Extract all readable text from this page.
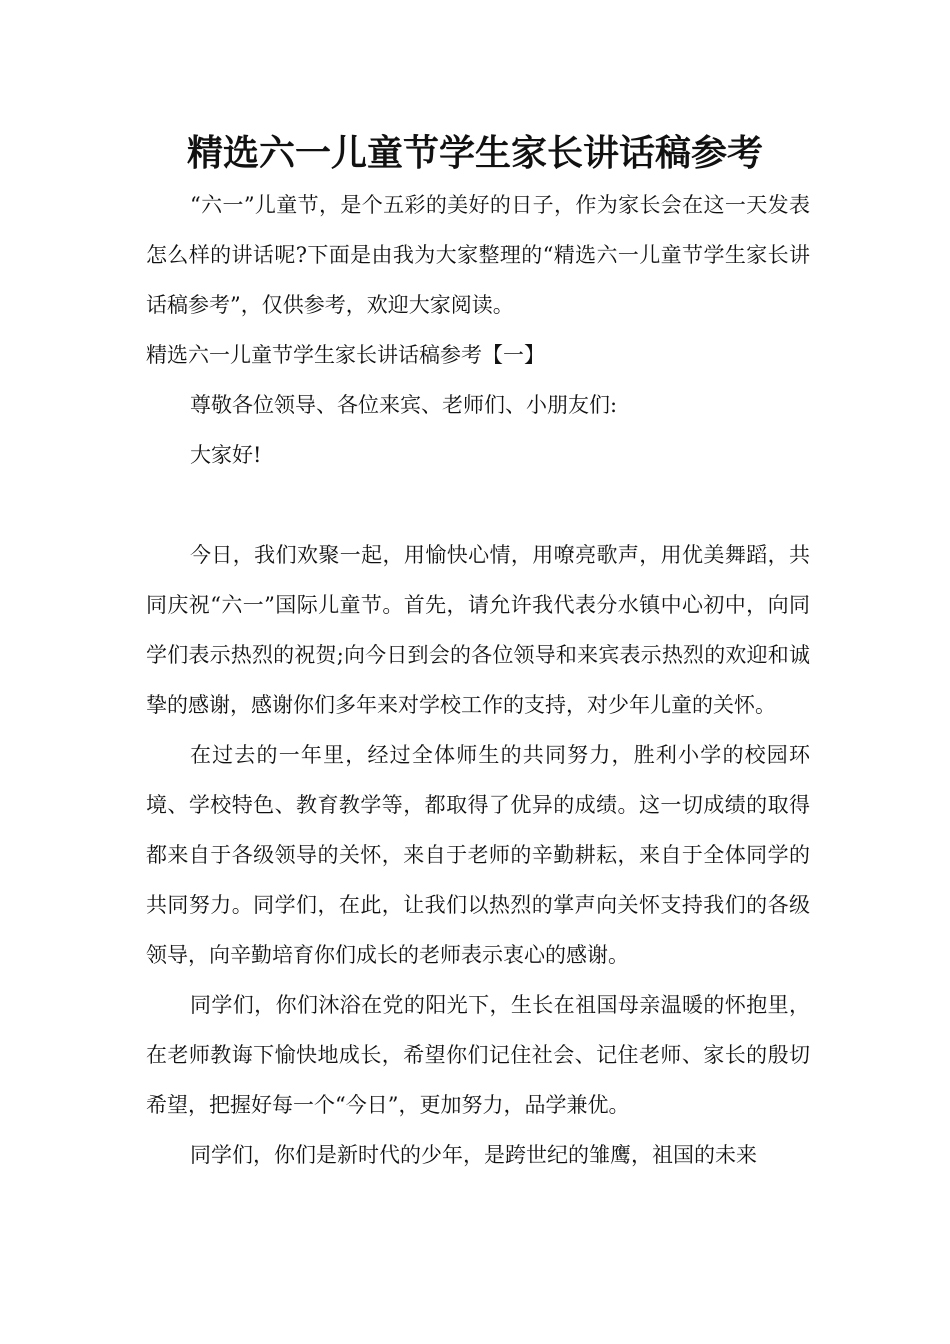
精选六一儿童节学生家长讲话稿参考

“六一”儿童节，是个五彩的美好的日子，作为家长会在这一天发表怎么样的讲话呢?下面是由我为大家整理的“精选六一儿童节学生家长讲话稿参考”，仅供参考，欢迎大家阅读。

精选六一儿童节学生家长讲话稿参考【一】

尊敬各位领导、各位来宾、老师们、小朋友们:

大家好!

今日，我们欢聚一起，用愉快心情，用嘹亮歌声，用优美舞蹈，共同庆祝“六一”国际儿童节。首先，请允许我代表分水镇中心初中，向同学们表示热烈的祝贺;向今日到会的各位领导和来宾表示热烈的欢迎和诚挚的感谢，感谢你们多年来对学校工作的支持，对少年儿童的关怀。

在过去的一年里，经过全体师生的共同努力，胜利小学的校园环境、学校特色、教育教学等，都取得了优异的成绩。这一切成绩的取得都来自于各级领导的关怀，来自于老师的辛勤耕耘，来自于全体同学的共同努力。同学们，在此，让我们以热烈的掌声向关怀支持我们的各级领导，向辛勤培育你们成长的老师表示衷心的感谢。

同学们，你们沐浴在党的阳光下，生长在祖国母亲温暖的怀抱里，在老师教诲下愉快地成长，希望你们记住社会、记住老师、家长的殷切希望，把握好每一个“今日”，更加努力，品学兼优。

同学们，你们是新时代的少年，是跨世纪的雏鹰，祖国的未来
